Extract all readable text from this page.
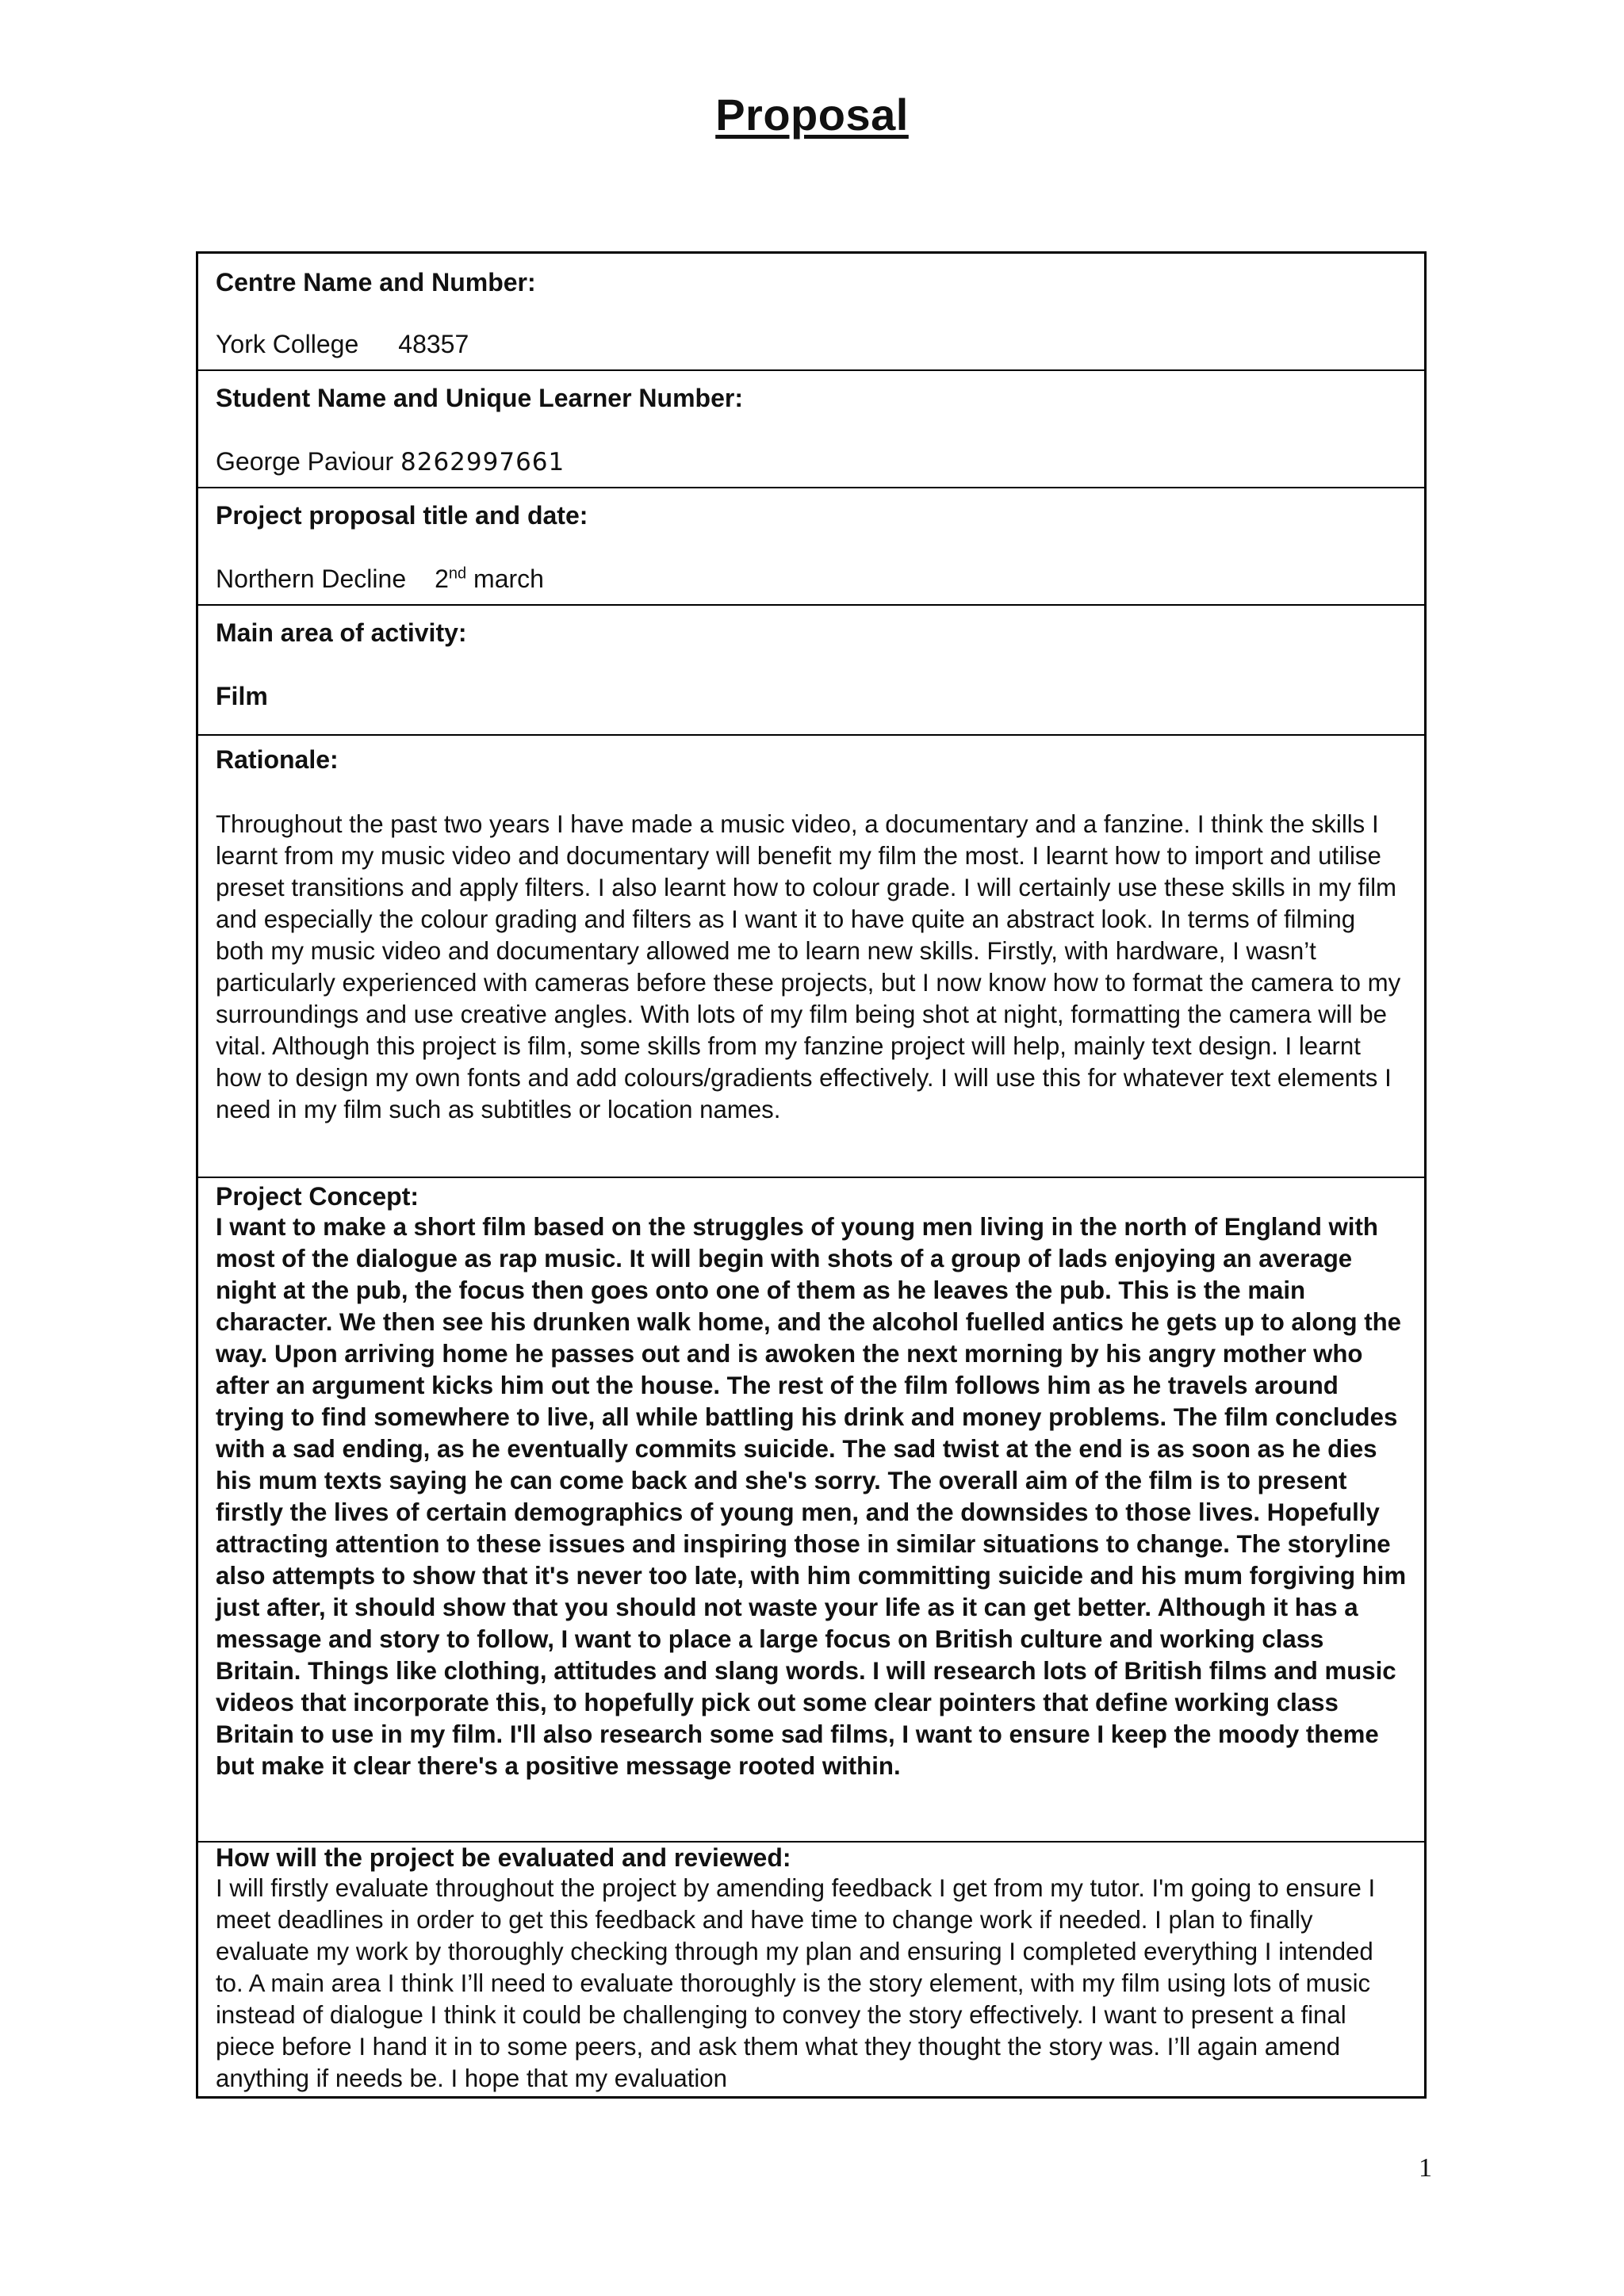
Proposal

Centre Name and Number:

York College 48357

Student Name and Unique Learner Number:

George Paviour 8262997661

Project proposal title and date:

Northern Decline 2nd march

Main area of activity:

Film

Rationale:

Throughout the past two years I have made a music video, a documentary and a fanzine. I think the skills I learnt from my music video and documentary will benefit my film the most. I learnt how to import and utilise preset transitions and apply filters. I also learnt how to colour grade. I will certainly use these skills in my film and especially the colour grading and filters as I want it to have quite an abstract look. In terms of filming both my music video and documentary allowed me to learn new skills. Firstly, with hardware, I wasn’t particularly experienced with cameras before these projects, but I now know how to format the camera to my surroundings and use creative angles. With lots of my film being shot at night, formatting the camera will be vital. Although this project is film, some skills from my fanzine project will help, mainly text design. I learnt how to design my own fonts and add colours/gradients effectively. I will use this for whatever text elements I need in my film such as subtitles or location names.

Project Concept:

I want to make a short film based on the struggles of young men living in the north of England with most of the dialogue as rap music. It will begin with shots of a group of lads enjoying an average night at the pub, the focus then goes onto one of them as he leaves the pub. This is the main character. We then see his drunken walk home, and the alcohol fuelled antics he gets up to along the way. Upon arriving home he passes out and is awoken the next morning by his angry mother who after an argument kicks him out the house. The rest of the film follows him as he travels around trying to find somewhere to live, all while battling his drink and money problems. The film concludes with a sad ending, as he eventually commits suicide. The sad twist at the end is as soon as he dies his mum texts saying he can come back and she's sorry. The overall aim of the film is to present firstly the lives of certain demographics of young men, and the downsides to those lives. Hopefully attracting attention to these issues and inspiring those in similar situations to change. The storyline also attempts to show that it's never too late, with him committing suicide and his mum forgiving him just after, it should show that you should not waste your life as it can get better. Although it has a message and story to follow, I want to place a large focus on British culture and working class Britain. Things like clothing, attitudes and slang words. I will research lots of British films and music videos that incorporate this, to hopefully pick out some clear pointers that define working class Britain to use in my film. I'll also research some sad films, I want to ensure I keep the moody theme but make it clear there's a positive message rooted within.

How will the project be evaluated and reviewed:

I will firstly evaluate throughout the project by amending feedback I get from my tutor. I'm going to ensure I meet deadlines in order to get this feedback and have time to change work if needed. I plan to finally evaluate my work by thoroughly checking through my plan and ensuring I completed everything I intended to. A main area I think I’ll need to evaluate thoroughly is the story element, with my film using lots of music instead of dialogue I think it could be challenging to convey the story effectively. I want to present a final piece before I hand it in to some peers, and ask them what they thought the story was. I’ll again amend anything if needs be. I hope that my evaluation

1
